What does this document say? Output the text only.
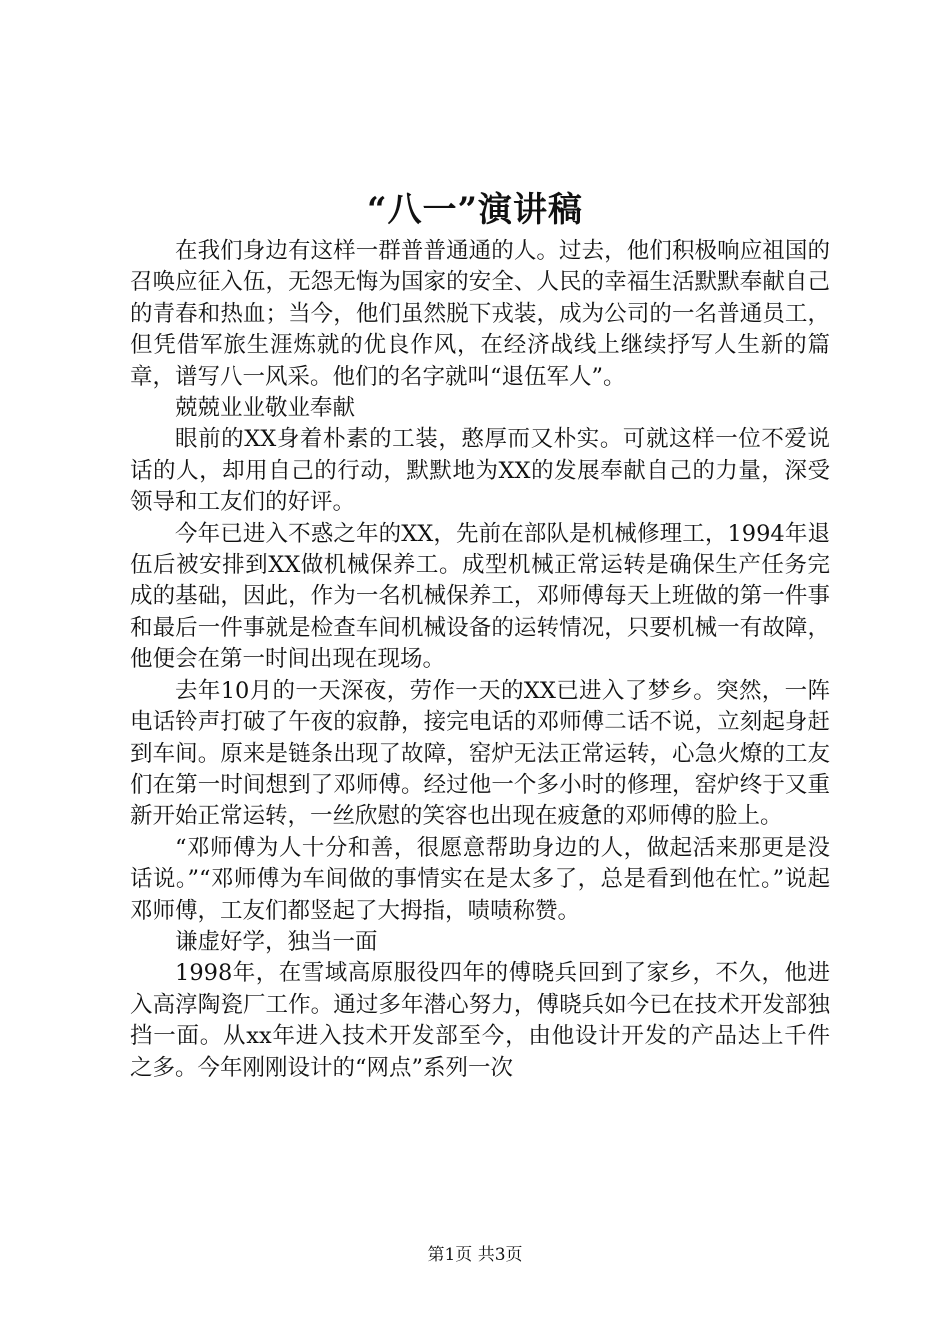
“八一”演讲稿

在我们身边有这样一群普普通通的人。过去，他们积极响应祖国的召唤应征入伍，无怨无悔为国家的安全、人民的幸福生活默默奉献自己的青春和热血；当今，他们虽然脱下戎装，成为公司的一名普通员工，但凭借军旅生涯炼就的优良作风，在经济战线上继续抒写人生新的篇章，谱写八一风采。他们的名字就叫“退伍军人”。

兢兢业业敬业奉献

眼前的XX身着朴素的工装，憨厚而又朴实。可就这样一位不爱说话的人，却用自己的行动，默默地为XX的发展奉献自己的力量，深受领导和工友们的好评。

今年已进入不惑之年的XX，先前在部队是机械修理工，1994年退伍后被安排到XX做机械保养工。成型机械正常运转是确保生产任务完成的基础，因此，作为一名机械保养工，邓师傅每天上班做的第一件事和最后一件事就是检查车间机械设备的运转情况，只要机械一有故障，他便会在第一时间出现在现场。

去年10月的一天深夜，劳作一天的XX已进入了梦乡。突然，一阵电话铃声打破了午夜的寂静，接完电话的邓师傅二话不说，立刻起身赶到车间。原来是链条出现了故障，窑炉无法正常运转，心急火燎的工友们在第一时间想到了邓师傅。经过他一个多小时的修理，窑炉终于又重新开始正常运转，一丝欣慰的笑容也出现在疲惫的邓师傅的脸上。

“邓师傅为人十分和善，很愿意帮助身边的人，做起活来那更是没话说。”“邓师傅为车间做的事情实在是太多了，总是看到他在忙。”说起邓师傅，工友们都竖起了大拇指，啧啧称赞。

谦虚好学，独当一面

1998年，在雪域高原服役四年的傅晓兵回到了家乡，不久，他进入高淳陶瓷厂工作。通过多年潜心努力，傅晓兵如今已在技术开发部独挡一面。从xx年进入技术开发部至今，由他设计开发的产品达上千件之多。今年刚刚设计的“网点”系列一次

第1页 共3页
